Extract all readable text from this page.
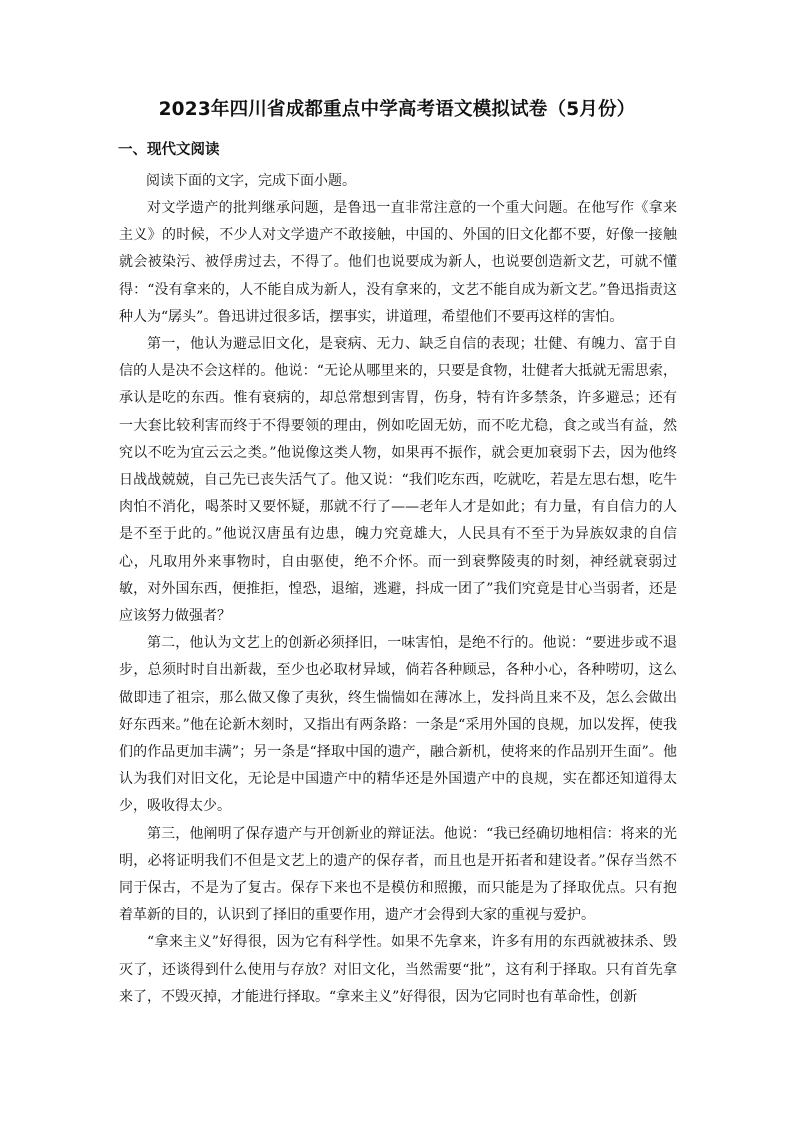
2023年四川省成都重点中学高考语文模拟试卷（5月份）
一、现代文阅读
阅读下面的文字，完成下面小题。

对文学遗产的批判继承问题，是鲁迅一直非常注意的一个重大问题。在他写作《拿来主义》的时候，不少人对文学遗产不敢接触，中国的、外国的旧文化都不要，好像一接触就会被染污、被俘虏过去，不得了。他们也说要成为新人，也说要创造新文艺，可就不懂得：“没有拿来的，人不能自成为新人，没有拿来的，文艺不能自成为新文艺。”鲁迅指责这种人为“孱头”。鲁迅讲过很多话，摆事实，讲道理，希望他们不要再这样的害怕。

第一，他认为避忌旧文化，是衰病、无力、缺乏自信的表现；壮健、有魄力、富于自信的人是决不会这样的。他说：“无论从哪里来的，只要是食物，壮健者大抵就无需思索，承认是吃的东西。惟有衰病的，却总常想到害胃，伤身，特有许多禁条，许多避忌；还有一大套比较利害而终于不得要领的理由，例如吃固无妨，而不吃尤稳，食之或当有益，然究以不吃为宜云云之类。”他说像这类人物，如果再不振作，就会更加衰弱下去，因为他终日战战兢兢，自己先已丧失活气了。他又说：“我们吃东西，吃就吃，若是左思右想，吃牛肉怕不消化，喝茶时又要怀疑，那就不行了——老年人才是如此；有力量，有自信力的人是不至于此的。”他说汉唐虽有边患，魄力究竟雄大，人民具有不至于为异族奴隶的自信心，凡取用外来事物时，自由驱使，绝不介怀。而一到衰弊陵夷的时刻，神经就衰弱过敏，对外国东西，便推拒，惶恐，退缩，逃避，抖成一团了”我们究竟是甘心当弱者，还是应该努力做强者？

第二，他认为文艺上的创新必须择旧，一味害怕，是绝不行的。他说：“要进步或不退步，总须时时自出新裁，至少也必取材异域，倘若各种顾忌，各种小心，各种唠叨，这么做即违了祖宗，那么做又像了夷狄，终生惴惴如在薄冰上，发抖尚且来不及，怎么会做出好东西来。”他在论新木刻时，又指出有两条路：一条是“采用外国的良规，加以发挥，使我们的作品更加丰满”；另一条是“择取中国的遗产，融合新机，使将来的作品别开生面”。他认为我们对旧文化，无论是中国遗产中的精华还是外国遗产中的良规，实在都还知道得太少，吸收得太少。

第三，他阐明了保存遗产与开创新业的辩证法。他说：“我已经确切地相信：将来的光明，必将证明我们不但是文艺上的遗产的保存者，而且也是开拓者和建设者。”保存当然不同于保古，不是为了复古。保存下来也不是模仿和照搬，而只能是为了择取优点。只有抱着革新的目的，认识到了择旧的重要作用，遗产才会得到大家的重视与爱护。

“拿来主义”好得很，因为它有科学性。如果不先拿来，许多有用的东西就被抹杀、毁灭了，还谈得到什么使用与存放？对旧文化，当然需要“批”，这有利于择取。只有首先拿来了，不毁灭掉，才能进行择取。“拿来主义”好得很，因为它同时也有革命性，创新
